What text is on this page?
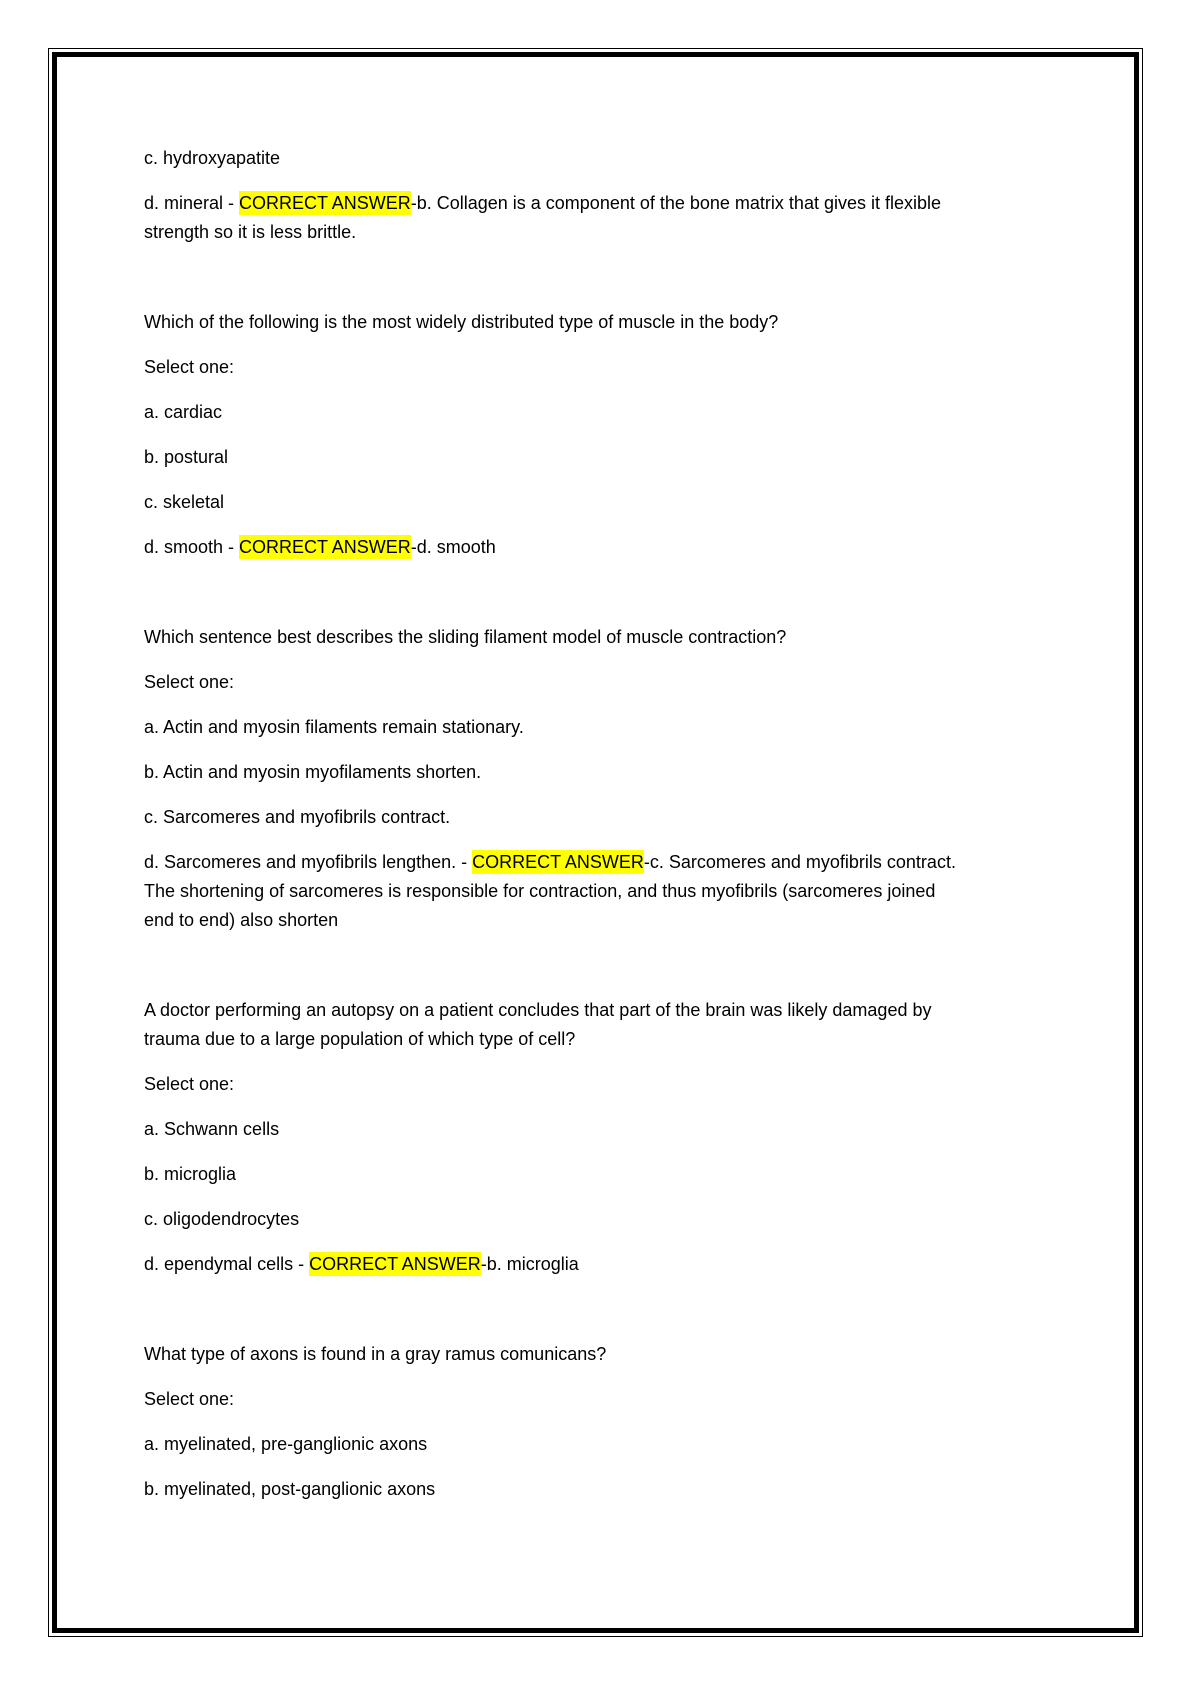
c. hydroxyapatite

d. mineral - CORRECT ANSWER-b. Collagen is a component of the bone matrix that gives it flexible
strength so it is less brittle.

Which of the following is the most widely distributed type of muscle in the body?

Select one:

a. cardiac

b. postural

c. skeletal

d. smooth - CORRECT ANSWER-d. smooth

Which sentence best describes the sliding filament model of muscle contraction?

Select one:

a. Actin and myosin filaments remain stationary.

b. Actin and myosin myofilaments shorten.

c. Sarcomeres and myofibrils contract.

d. Sarcomeres and myofibrils lengthen. - CORRECT ANSWER-c. Sarcomeres and myofibrils contract.
The shortening of sarcomeres is responsible for contraction, and thus myofibrils (sarcomeres joined
end to end) also shorten

A doctor performing an autopsy on a patient concludes that part of the brain was likely damaged by
trauma due to a large population of which type of cell?

Select one:

a. Schwann cells

b. microglia

c. oligodendrocytes

d. ependymal cells - CORRECT ANSWER-b. microglia

What type of axons is found in a gray ramus comunicans?

Select one:

a. myelinated, pre-ganglionic axons

b. myelinated, post-ganglionic axons
